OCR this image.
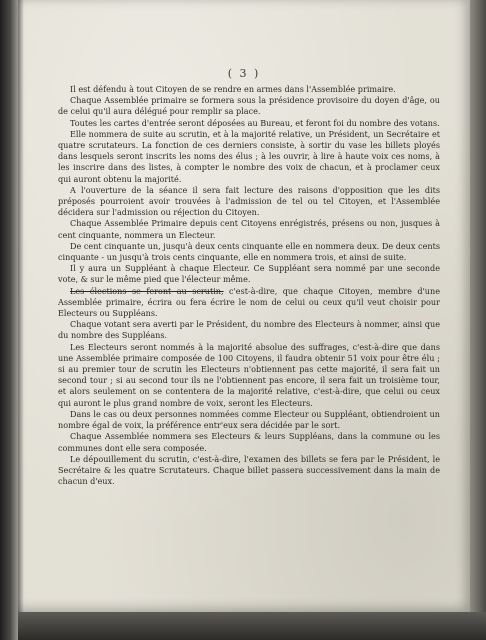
( 3 )

Il est défendu à tout Citoyen de se rendre en armes dans l'Assemblée primaire.

Chaque Assemblée primaire se formera sous la présidence provisoire du doyen d'âge, ou de celui qu'il aura délégué pour remplir sa place.

Toutes les cartes d'entrée seront déposées au Bureau, et feront foi du nombre des votans.

Elle nommera de suite au scrutin, et à la majorité relative, un Président, un Secrétaire et quatre scrutateurs. La fonction de ces derniers consiste, à sortir du vase les billets ployés dans lesquels seront inscrits les noms des élus ; à les ouvrir, à lire à haute voix ces noms, à les inscrire dans des listes, à compter le nombre des voix de chacun, et à proclamer ceux qui auront obtenu la majorité.

A l'ouverture de la séance il sera fait lecture des raisons d'opposition que les dits préposés pourroient avoir trouvées à l'admission de tel ou tel Citoyen, et l'Assemblée décidera sur l'admission ou réjection du Citoyen.

Chaque Assemblée Primaire depuis cent Citoyens enrégistrés, présens ou non, jusques à cent cinquante, nommera un Electeur.

De cent cinquante un, jusqu'à deux cents cinquante elle en nommera deux. De deux cents cinquante - un jusqu'à trois cents cinquante, elle en nommera trois, et ainsi de suite.

Il y aura un Suppléant à chaque Electeur. Ce Suppléant sera nommé par une seconde vote, & sur le même pied que l'électeur même.

Les élections se feront au scrutin, c'est-à-dire, que chaque Citoyen, membre d'une Assemblée primaire, écrira ou fera écrire le nom de celui ou ceux qu'il veut choisir pour Electeurs ou Suppléans.

Chaque votant sera averti par le Président, du nombre des Electeurs à nommer, ainsi que du nombre des Suppléans.

Les Electeurs seront nommés à la majorité absolue des suffrages, c'est-à-dire que dans une Assemblée primaire composée de 100 Citoyens, il faudra obtenir 51 voix pour être élu ; si au premier tour de scrutin les Electeurs n'obtiennent pas cette majorité, il sera fait un second tour ; si au second tour ils ne l'obtiennent pas encore, il sera fait un troisième tour, et alors seulement on se contentera de la majorité relative, c'est-à-dire, que celui ou ceux qui auront le plus grand nombre de voix, seront les Electeurs.

Dans le cas ou deux personnes nommées comme Electeur ou Suppléant, obtiendroient un nombre égal de voix, la préférence entr'eux sera décidée par le sort.

Chaque Assemblée nommera ses Electeurs & leurs Suppléans, dans la commune ou les communes dont elle sera composée.

Le dépouillement du scrutin, c'est-à-dire, l'examen des billets se fera par le Président, le Secrétaire & les quatre Scrutateurs. Chaque billet passera successivement dans la main de chacun d'eux.
